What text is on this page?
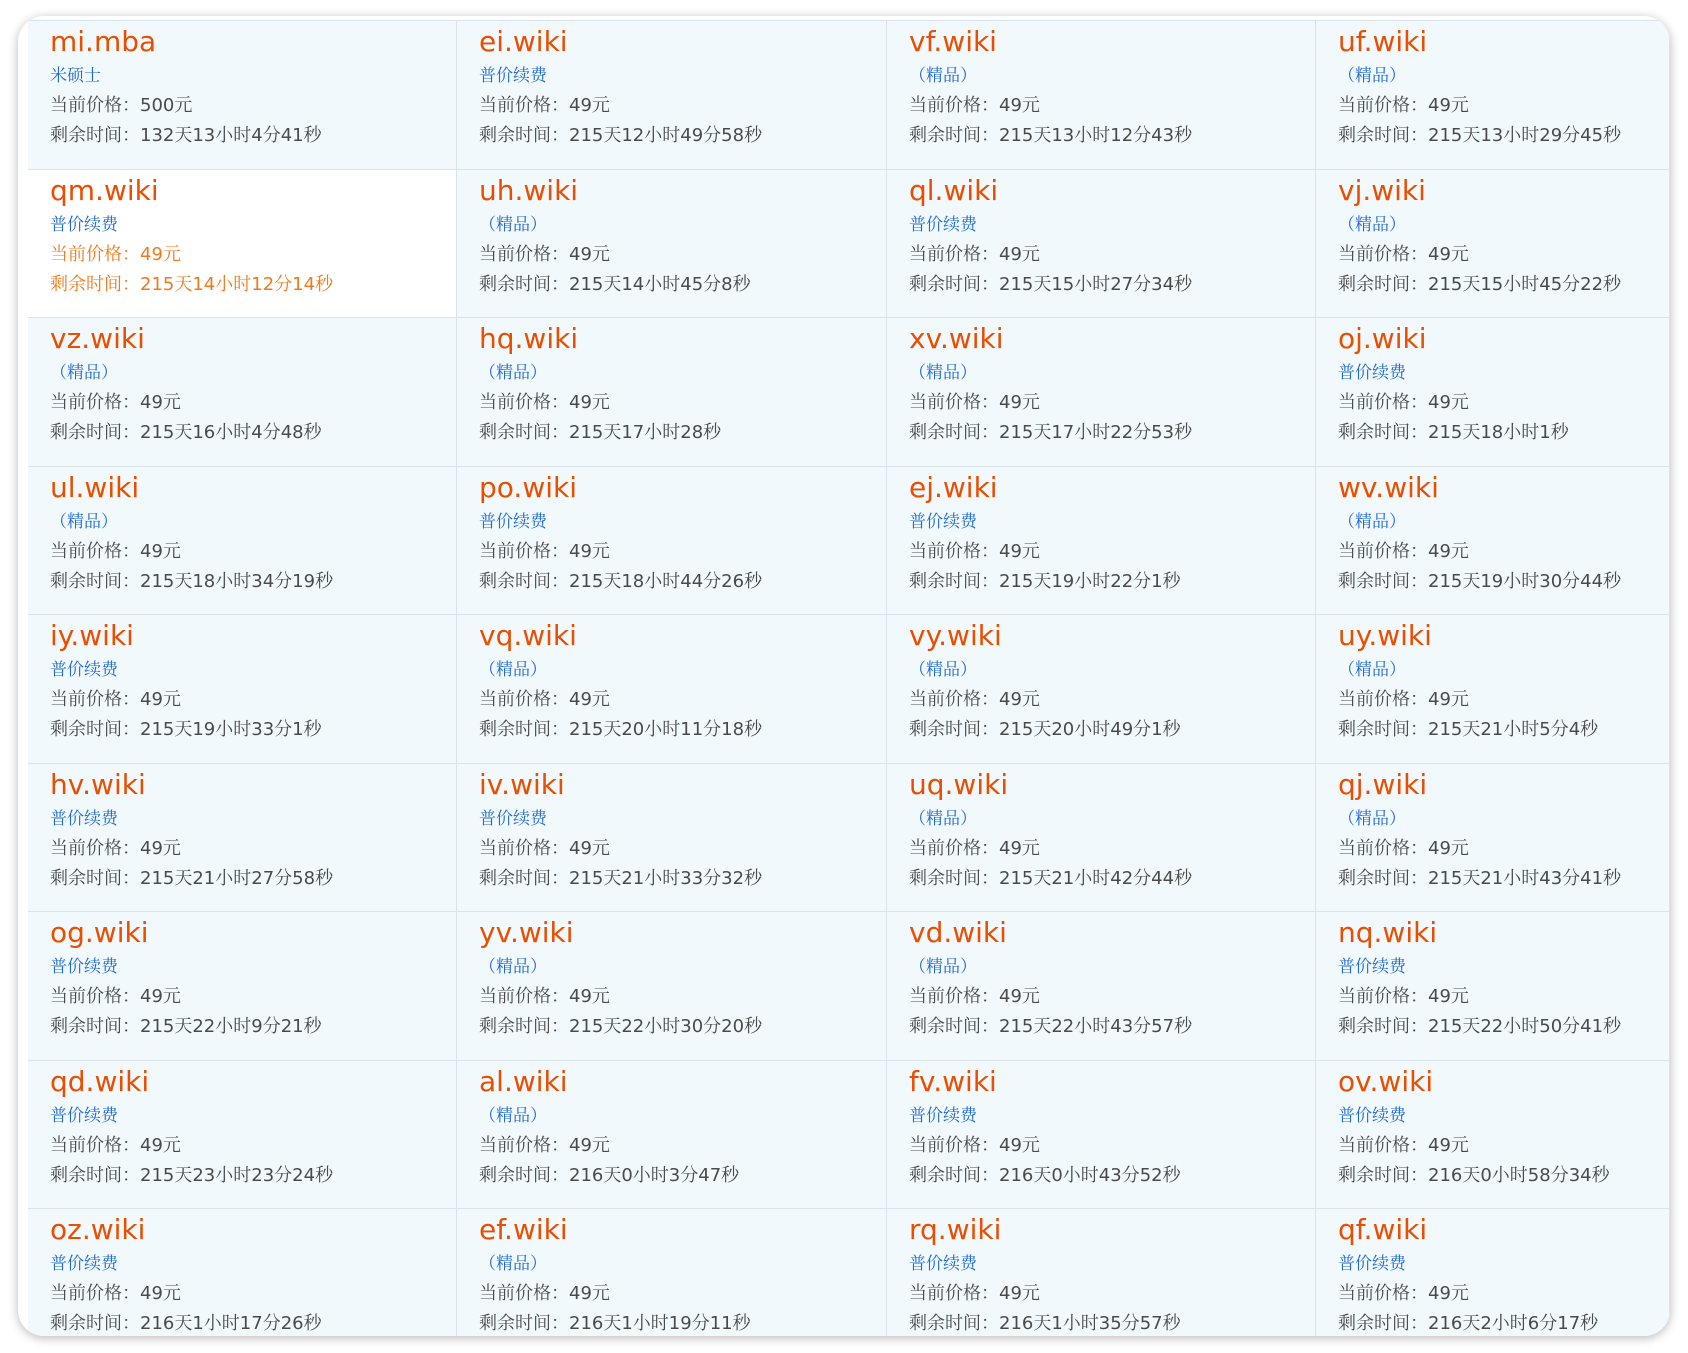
mi.mba
米硕士
当前价格：500元
剩余时间：132天13小时4分41秒
ei.wiki
普价续费
当前价格：49元
剩余时间：215天12小时49分58秒
vf.wiki
（精品）
当前价格：49元
剩余时间：215天13小时12分43秒
uf.wiki
（精品）
当前价格：49元
剩余时间：215天13小时29分45秒
qm.wiki
普价续费
当前价格：49元
剩余时间：215天14小时12分14秒
uh.wiki
（精品）
当前价格：49元
剩余时间：215天14小时45分8秒
ql.wiki
普价续费
当前价格：49元
剩余时间：215天15小时27分34秒
vj.wiki
（精品）
当前价格：49元
剩余时间：215天15小时45分22秒
vz.wiki
（精品）
当前价格：49元
剩余时间：215天16小时4分48秒
hq.wiki
（精品）
当前价格：49元
剩余时间：215天17小时28秒
xv.wiki
（精品）
当前价格：49元
剩余时间：215天17小时22分53秒
oj.wiki
普价续费
当前价格：49元
剩余时间：215天18小时1秒
ul.wiki
（精品）
当前价格：49元
剩余时间：215天18小时34分19秒
po.wiki
普价续费
当前价格：49元
剩余时间：215天18小时44分26秒
ej.wiki
普价续费
当前价格：49元
剩余时间：215天19小时22分1秒
wv.wiki
（精品）
当前价格：49元
剩余时间：215天19小时30分44秒
iy.wiki
普价续费
当前价格：49元
剩余时间：215天19小时33分1秒
vq.wiki
（精品）
当前价格：49元
剩余时间：215天20小时11分18秒
vy.wiki
（精品）
当前价格：49元
剩余时间：215天20小时49分1秒
uy.wiki
（精品）
当前价格：49元
剩余时间：215天21小时5分4秒
hv.wiki
普价续费
当前价格：49元
剩余时间：215天21小时27分58秒
iv.wiki
普价续费
当前价格：49元
剩余时间：215天21小时33分32秒
uq.wiki
（精品）
当前价格：49元
剩余时间：215天21小时42分44秒
qj.wiki
（精品）
当前价格：49元
剩余时间：215天21小时43分41秒
og.wiki
普价续费
当前价格：49元
剩余时间：215天22小时9分21秒
yv.wiki
（精品）
当前价格：49元
剩余时间：215天22小时30分20秒
vd.wiki
（精品）
当前价格：49元
剩余时间：215天22小时43分57秒
nq.wiki
普价续费
当前价格：49元
剩余时间：215天22小时50分41秒
qd.wiki
普价续费
当前价格：49元
剩余时间：215天23小时23分24秒
al.wiki
（精品）
当前价格：49元
剩余时间：216天0小时3分47秒
fv.wiki
普价续费
当前价格：49元
剩余时间：216天0小时43分52秒
ov.wiki
普价续费
当前价格：49元
剩余时间：216天0小时58分34秒
oz.wiki
普价续费
当前价格：49元
剩余时间：216天1小时17分26秒
ef.wiki
（精品）
当前价格：49元
剩余时间：216天1小时19分11秒
rq.wiki
普价续费
当前价格：49元
剩余时间：216天1小时35分57秒
qf.wiki
普价续费
当前价格：49元
剩余时间：216天2小时6分17秒
